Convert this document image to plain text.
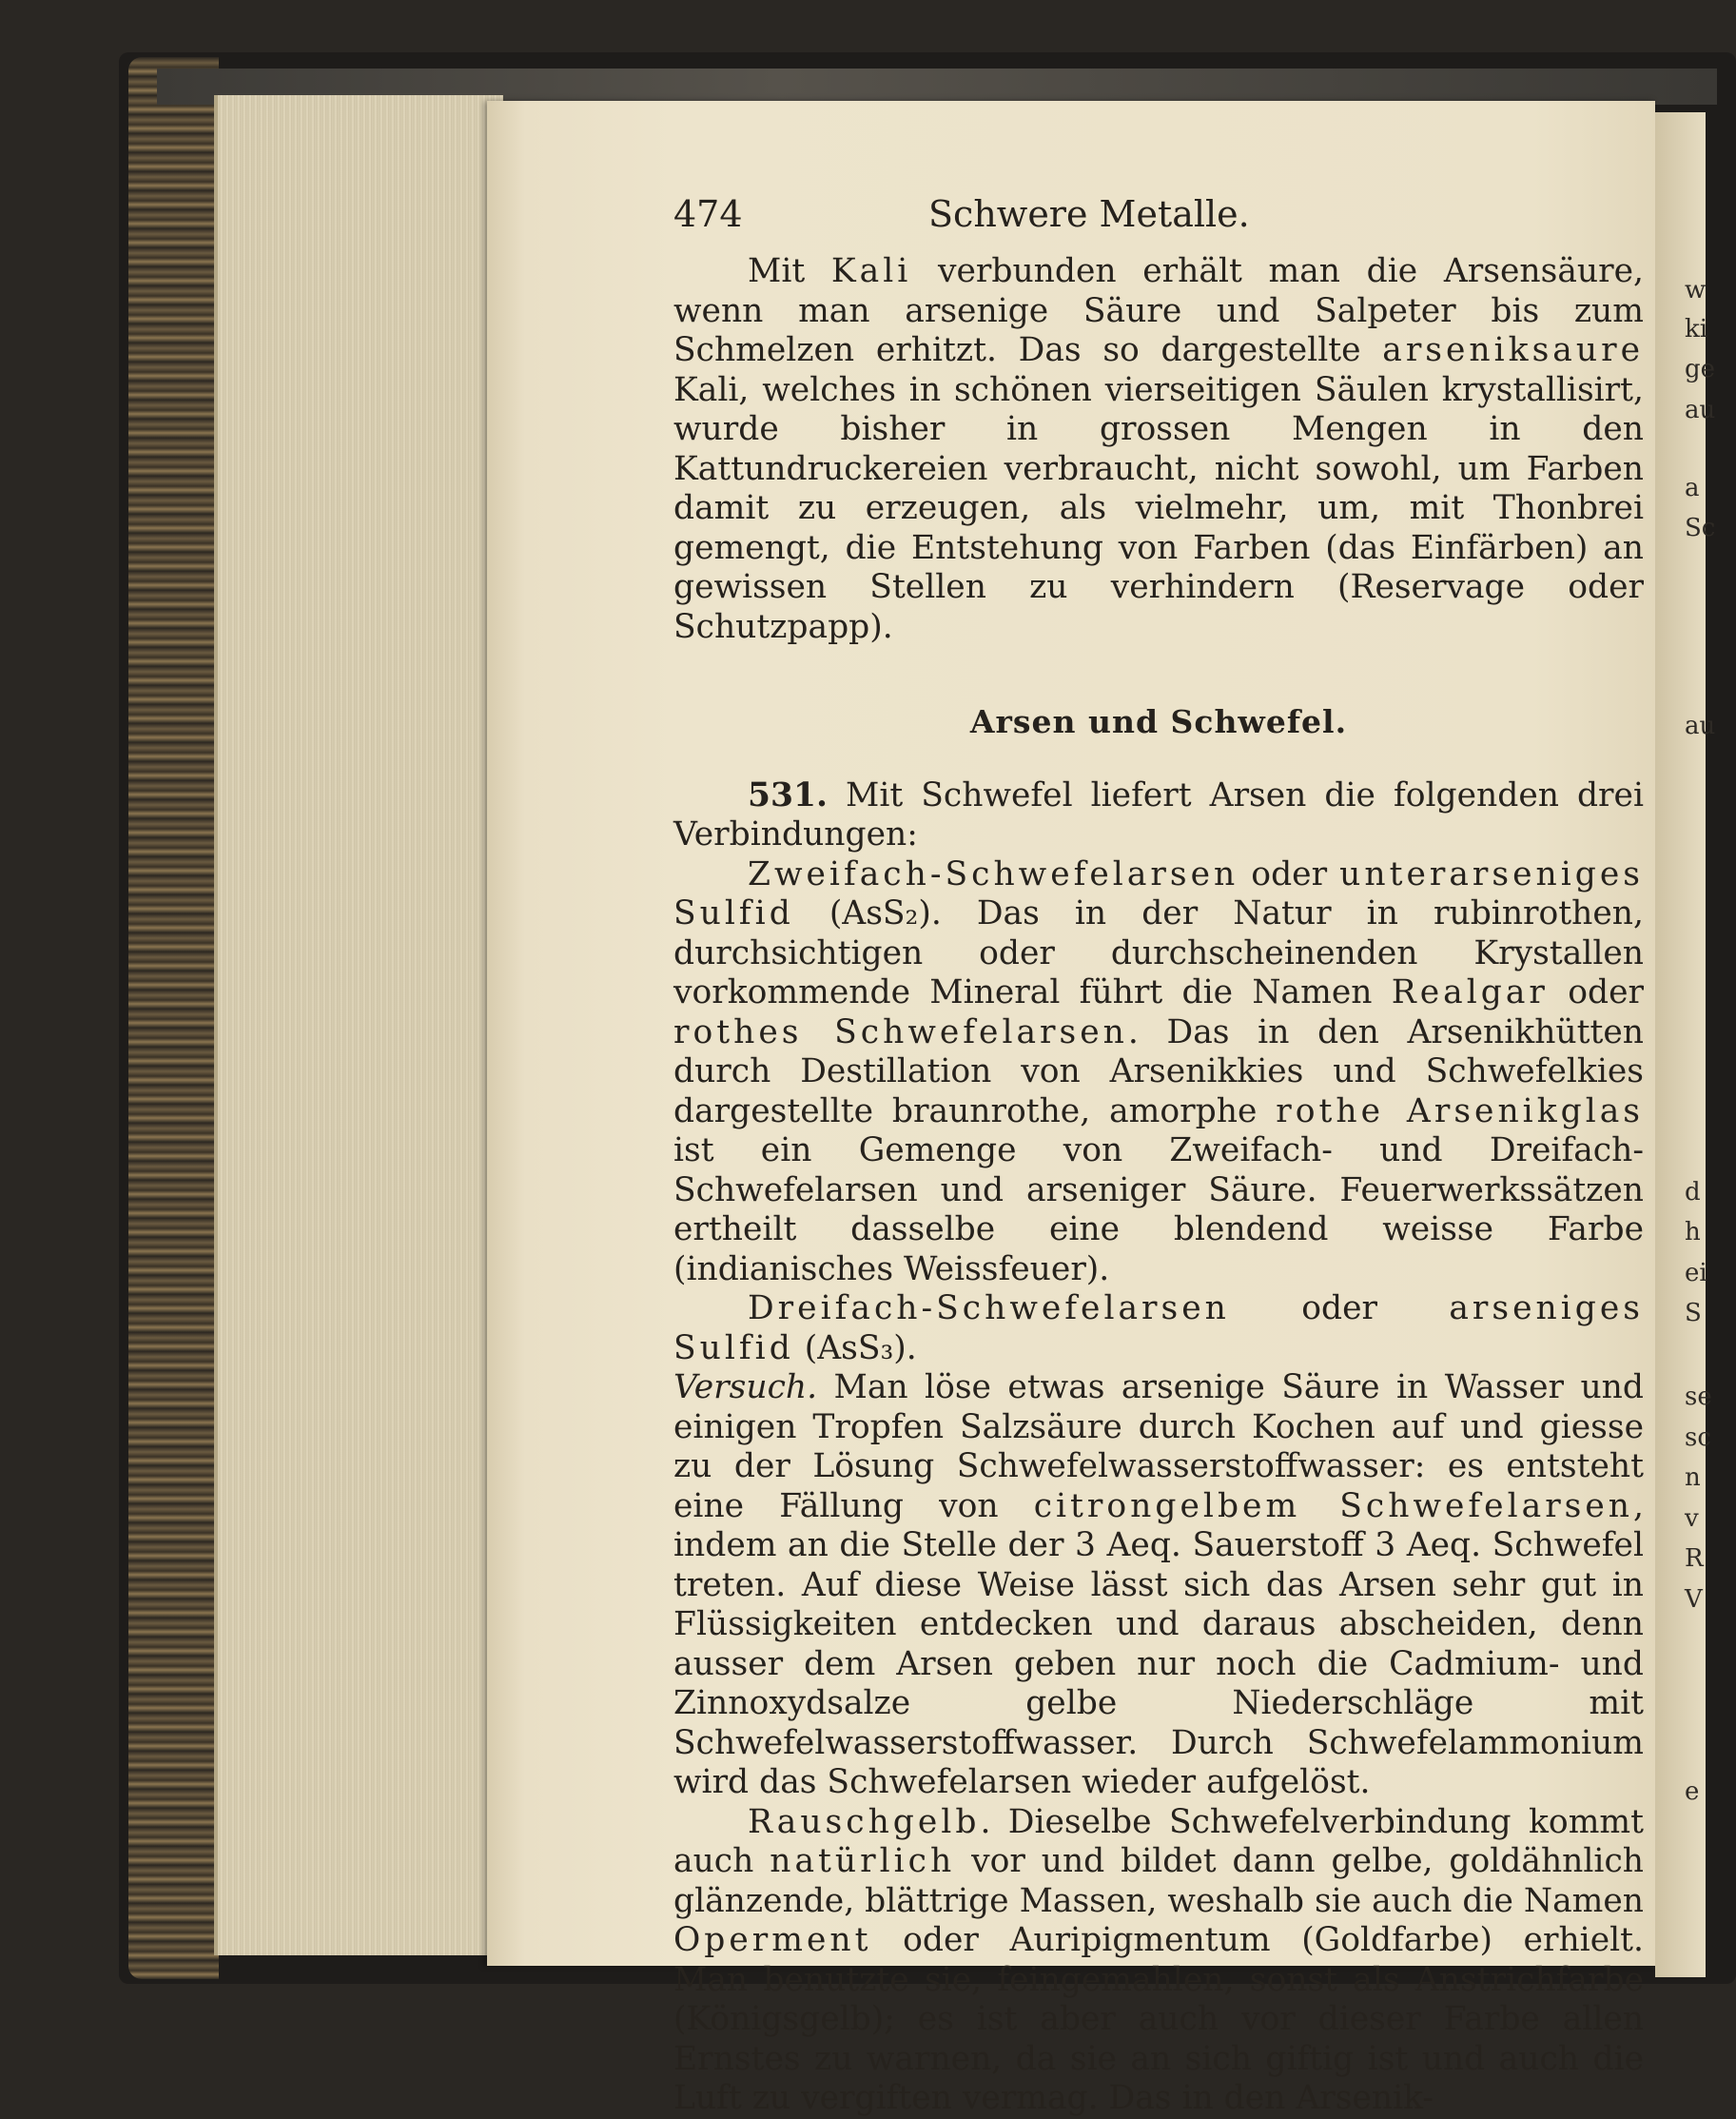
w
ki
ge
au
a
Sc
au
d
h
ei
S
se
sc
n
v
R
V
e
474	Schwere Metalle.

Mit Kali verbunden erhält man die Arsensäure, wenn man arsenige Säure und Salpeter bis zum Schmelzen erhitzt. Das so dargestellte arseniksaure Kali, welches in schönen vierseitigen Säulen krystallisirt, wurde bisher in grossen Mengen in den Kattundruckereien verbraucht, nicht sowohl, um Farben damit zu erzeugen, als vielmehr, um, mit Thonbrei gemengt, die Entstehung von Farben (das Einfärben) an gewissen Stellen zu verhindern (Reservage oder Schutzpapp).

Arsen und Schwefel.

531. Mit Schwefel liefert Arsen die folgenden drei Verbindungen:

Zweifach-Schwefelarsen oder unterarseniges Sulfid (AsS₂). Das in der Natur in rubinrothen, durchsichtigen oder durchscheinenden Krystallen vorkommende Mineral führt die Namen Realgar oder rothes Schwefelarsen. Das in den Arsenikhütten durch Destillation von Arsenikkies und Schwefelkies dargestellte braunrothe, amorphe rothe Arsenikglas ist ein Gemenge von Zweifach- und Dreifach-Schwefelarsen und arseniger Säure. Feuerwerkssätzen ertheilt dasselbe eine blendend weisse Farbe (indianisches Weissfeuer).

Dreifach-Schwefelarsen oder arseniges Sulfid (AsS₃).

Versuch. Man löse etwas arsenige Säure in Wasser und einigen Tropfen Salzsäure durch Kochen auf und giesse zu der Lösung Schwefelwasserstoffwasser: es entsteht eine Fällung von citrongelbem Schwefelarsen, indem an die Stelle der 3 Aeq. Sauerstoff 3 Aeq. Schwefel treten. Auf diese Weise lässt sich das Arsen sehr gut in Flüssigkeiten entdecken und daraus abscheiden, denn ausser dem Arsen geben nur noch die Cadmium- und Zinnoxydsalze gelbe Niederschläge mit Schwefelwasserstoffwasser. Durch Schwefelammonium wird das Schwefelarsen wieder aufgelöst.

Rauschgelb. Dieselbe Schwefelverbindung kommt auch natürlich vor und bildet dann gelbe, goldähnlich glänzende, blättrige Massen, weshalb sie auch die Namen Operment oder Auripigmentum (Goldfarbe) erhielt. Man benutzte sie, feingemahlen, sonst als Anstrichfarbe (Königsgelb); es ist aber auch vor dieser Farbe allen Ernstes zu warnen, da sie an sich giftig ist und auch die Luft zu vergiften vermag. Das in den Arsenik-
